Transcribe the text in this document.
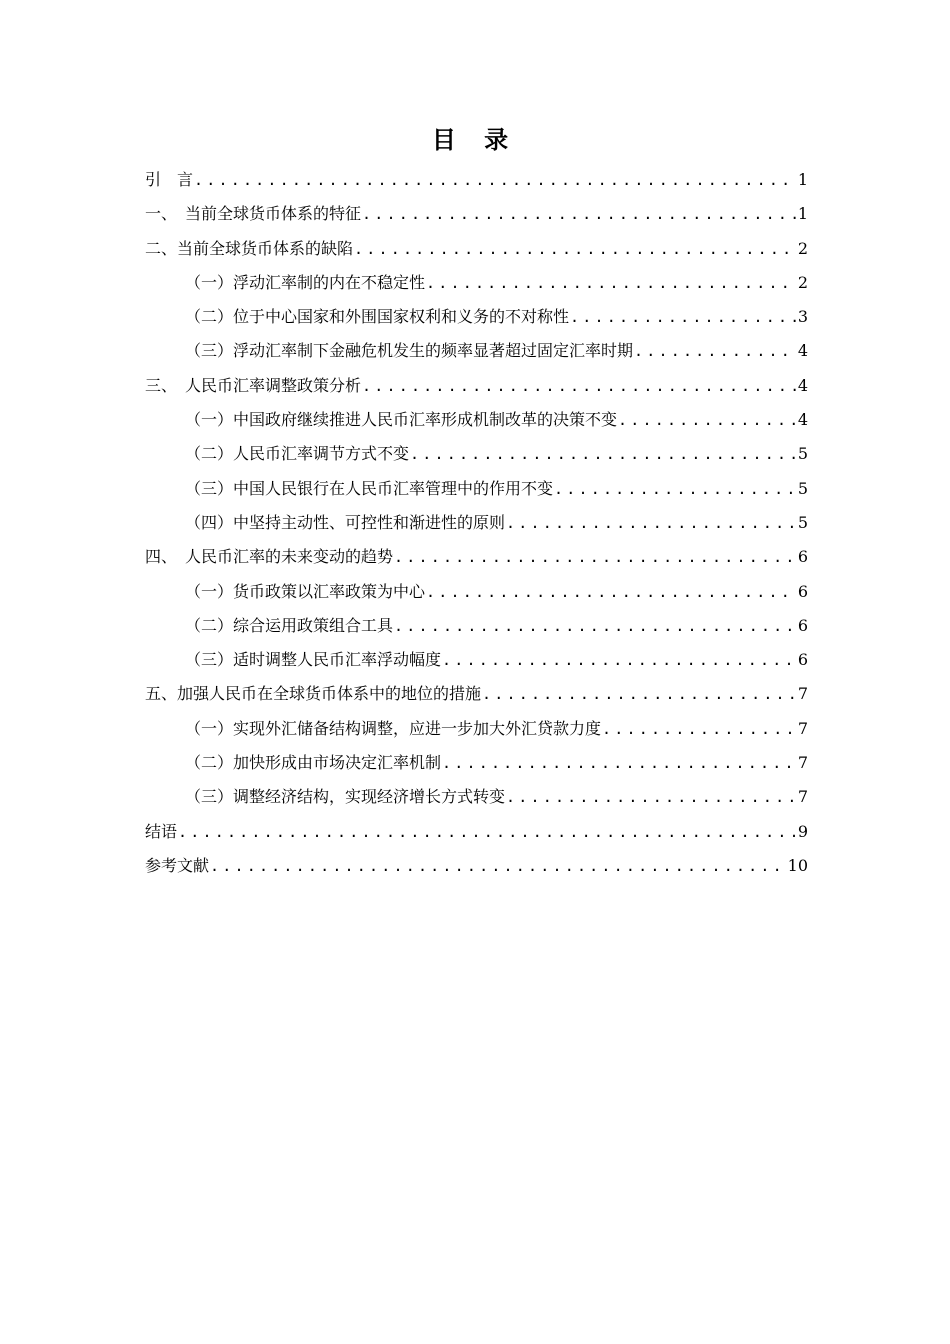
目 录
引　言 .....	1
一、　当前全球货币体系的特征 .....	1
二、当前全球货币体系的缺陷 .....	2
（一）浮动汇率制的内在不稳定性 .....	2
（二）位于中心国家和外围国家权利和义务的不对称性 .....	3
（三）浮动汇率制下金融危机发生的频率显著超过固定汇率时期 .....	4
三、　人民币汇率调整政策分析 .....	4
（一）中国政府继续推进人民币汇率形成机制改革的决策不变 .....	4
（二）人民币汇率调节方式不变 .....	5
（三）中国人民银行在人民币汇率管理中的作用不变 .....	5
（四）中坚持主动性、可控性和渐进性的原则 .....	5
四、　人民币汇率的未来变动的趋势 .....	6
（一）货币政策以汇率政策为中心 .....	6
（二）综合运用政策组合工具 .....	6
（三）适时调整人民币汇率浮动幅度 .....	6
五、加强人民币在全球货币体系中的地位的措施 .....	7
（一）实现外汇储备结构调整，应进一步加大外汇贷款力度 .....	7
（二）加快形成由市场决定汇率机制 .....	7
（三）调整经济结构，实现经济增长方式转变 .....	7
结语 .....	9
参考文献 .....	10
